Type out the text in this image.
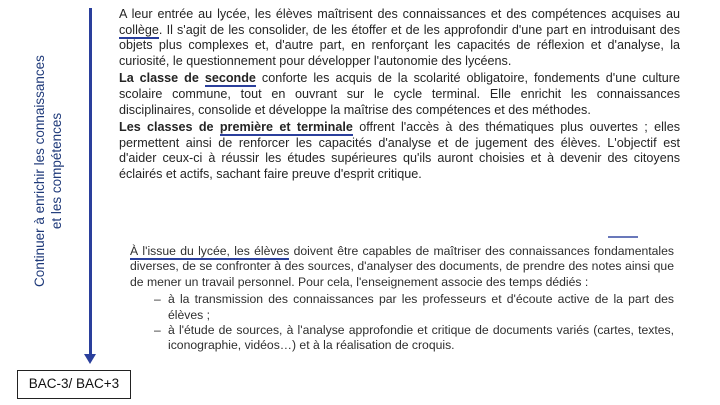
Continuer à enrichir les connaissances et les compétences
BAC-3/ BAC+3

A leur entrée au lycée, les élèves maîtrisent des connaissances et des compétences acquises au collège. Il s'agit de les consolider, de les étoffer et de les approfondir d'une part en introduisant des objets plus complexes et, d'autre part, en renforçant les capacités de réflexion et d'analyse, la curiosité, le questionnement pour développer l'autonomie des lycéens.

La classe de seconde conforte les acquis de la scolarité obligatoire, fondements d'une culture scolaire commune, tout en ouvrant sur le cycle terminal. Elle enrichit les connaissances disciplinaires, consolide et développe la maîtrise des compétences et des méthodes.

Les classes de première et terminale offrent l'accès à des thématiques plus ouvertes ; elles permettent ainsi de renforcer les capacités d'analyse et de jugement des élèves. L'objectif est d'aider ceux-ci à réussir les études supérieures qu'ils auront choisies et à devenir des citoyens éclairés et actifs, sachant faire preuve d'esprit critique.

À l'issue du lycée, les élèves doivent être capables de maîtriser des connaissances fondamentales diverses, de se confronter à des sources, d'analyser des documents, de prendre des notes ainsi que de mener un travail personnel. Pour cela, l'enseignement associe des temps dédiés :
– à la transmission des connaissances par les professeurs et d'écoute active de la part des élèves ;
– à l'étude de sources, à l'analyse approfondie et critique de documents variés (cartes, textes, iconographie, vidéos…) et à la réalisation de croquis.
